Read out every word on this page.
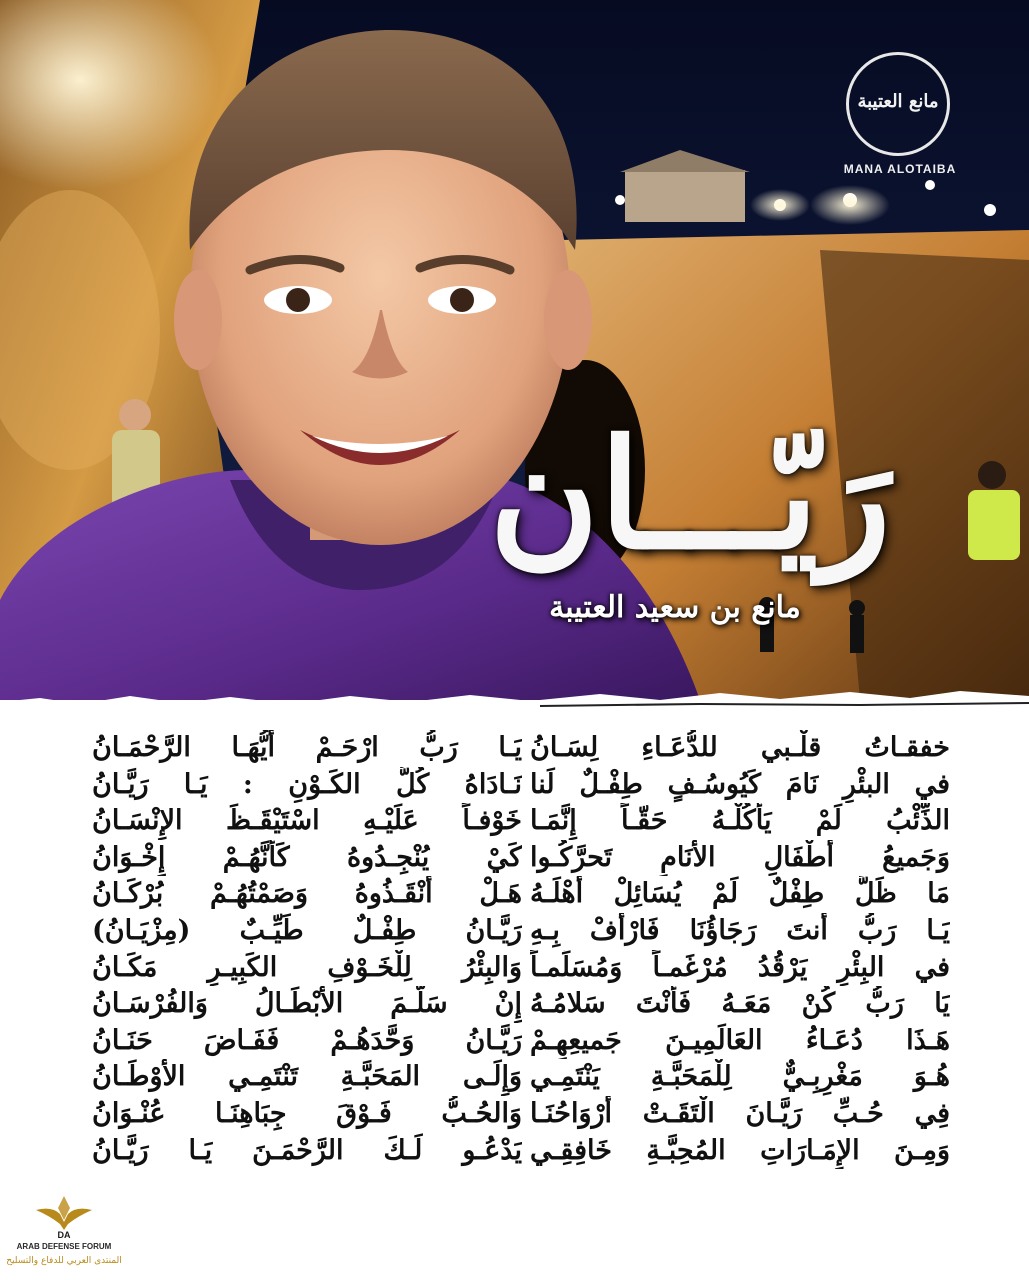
مانع العتيبة
MANA ALOTAIBA
رَيّـــان
مانع بن سعيد العتيبة
خفقـاتُ قلْـبي للدُّعَـاءِ لِسَـانُ
في البئْرِ نَامَ كَيُوسُـفٍ طِفْـلٌ لَنا
الذِّئْبُ لَمْ يَأْكُلْـهُ حَقّـاً إِنَّمَـا
وَجَميعُ أَطْفَالِ الأَنَامِ تَحرَّكُـوا
مَا ظَلَّ طِفْلٌ لَمْ يُسَائِلْ أَهْلَـهُ
يَـا رَبُّ أَنتَ رَجَاؤُنَا فَارْأَفْ بِـهِ
في البِئْرِ يَرْقُدُ مُرْغَمـاً وَمُسَلِّمـاً
يَا رَبُّ كُنْ مَعَـهُ فَأَنْتَ سَلامُـهُ
هَـذَا دُعَـاءُ العَالَمِيـنَ جَميعِهِـمْ
هُـوَ مَغْرِبِـيٌّ لِلْمَحَبَّـةِ يَنْتَمِـي
فِي حُـبِّ رَيَّـانَ الْتَقَـتْ أَرْوَاحُنَـا
وَمِـنَ الإِمَـارَاتِ المُحِبَّـةِ خَافِقِـي
يَـا رَبُّ ارْحَـمْ أَيُّهَـا الرَّحْمَـانُ
نَـادَاهُ كُلُّ الكَـوْنِ : يَـا رَيَّـانُ
خَوْفـاً عَلَيْـهِ اسْتَيْقَـظَ الإِنْسَـانُ
كَيْ يُنْجِـدُوهُ كَأَنَّهُـمْ إِخْـوَانُ
هَـلْ أَنْقَـذُوهُ وَصَمْتُهُـمْ بُرْكَـانُ
رَيَّـانُ طِفْـلٌ طَيِّـبٌ (مِزْيَـانُ)
وَالبِئْرُ لِلْخَـوْفِ الكَبِيـرِ مَكَـانُ
إِنْ سَلَّـمَ الأَبْطَـالُ وَالفُرْسَـانُ
رَيَّـانُ وَحَّدَهُـمْ فَفَـاضَ حَنَـانُ
وَإِلَـى المَحَبَّـةِ تَنْتَمِـي الأَوْطَـانُ
وَالحُـبُّ فَـوْقَ جِبَاهِنَـا عُنْـوَانُ
يَدْعُـو لَـكَ الرَّحْمَـنَ يَـا رَيَّـانُ
DA
ARAB DEFENSE FORUM
المنتدى العربي للدفاع والتسليح
